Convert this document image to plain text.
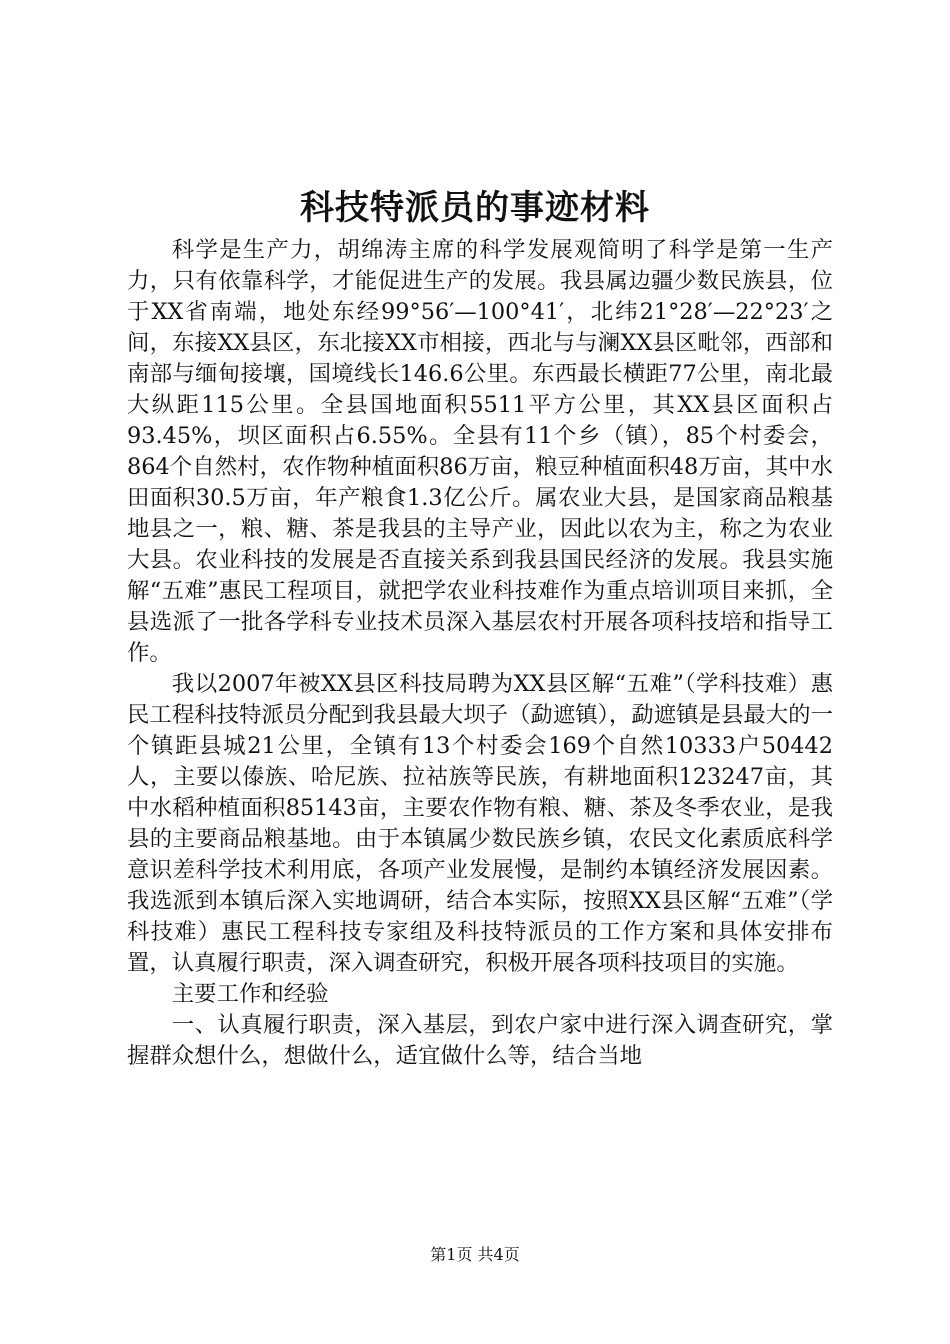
科技特派员的事迹材料

科学是生产力，胡绵涛主席的科学发展观简明了科学是第一生产力，只有依靠科学，才能促进生产的发展。我县属边疆少数民族县，位于XX省南端，地处东经99°56′—100°41′，北纬21°28′—22°23′之间，东接XX县区，东北接XX市相接，西北与与澜XX县区毗邻，西部和南部与缅甸接壤，国境线长146.6公里。东西最长横距77公里，南北最大纵距115公里。全县国地面积5511平方公里，其XX县区面积占93.45%，坝区面积占6.55%。全县有11个乡（镇），85个村委会，864个自然村，农作物种植面积86万亩，粮豆种植面积48万亩，其中水田面积30.5万亩，年产粮食1.3亿公斤。属农业大县，是国家商品粮基地县之一，粮、糖、茶是我县的主导产业，因此以农为主，称之为农业大县。农业科技的发展是否直接关系到我县国民经济的发展。我县实施解“五难”惠民工程项目，就把学农业科技难作为重点培训项目来抓，全县选派了一批各学科专业技术员深入基层农村开展各项科技培和指导工作。

我以2007年被XX县区科技局聘为XX县区解“五难”（学科技难）惠民工程科技特派员分配到我县最大坝子（勐遮镇），勐遮镇是县最大的一个镇距县城21公里，全镇有13个村委会169个自然10333户50442人，主要以傣族、哈尼族、拉祜族等民族，有耕地面积123247亩，其中水稻种植面积85143亩，主要农作物有粮、糖、茶及冬季农业，是我县的主要商品粮基地。由于本镇属少数民族乡镇，农民文化素质底科学意识差科学技术利用底，各项产业发展慢，是制约本镇经济发展因素。我选派到本镇后深入实地调研，结合本实际，按照XX县区解“五难”（学科技难）惠民工程科技专家组及科技特派员的工作方案和具体安排布置，认真履行职责，深入调查研究，积极开展各项科技项目的实施。

主要工作和经验

一、认真履行职责，深入基层，到农户家中进行深入调查研究，掌握群众想什么，想做什么，适宜做什么等，结合当地

第1页 共4页
